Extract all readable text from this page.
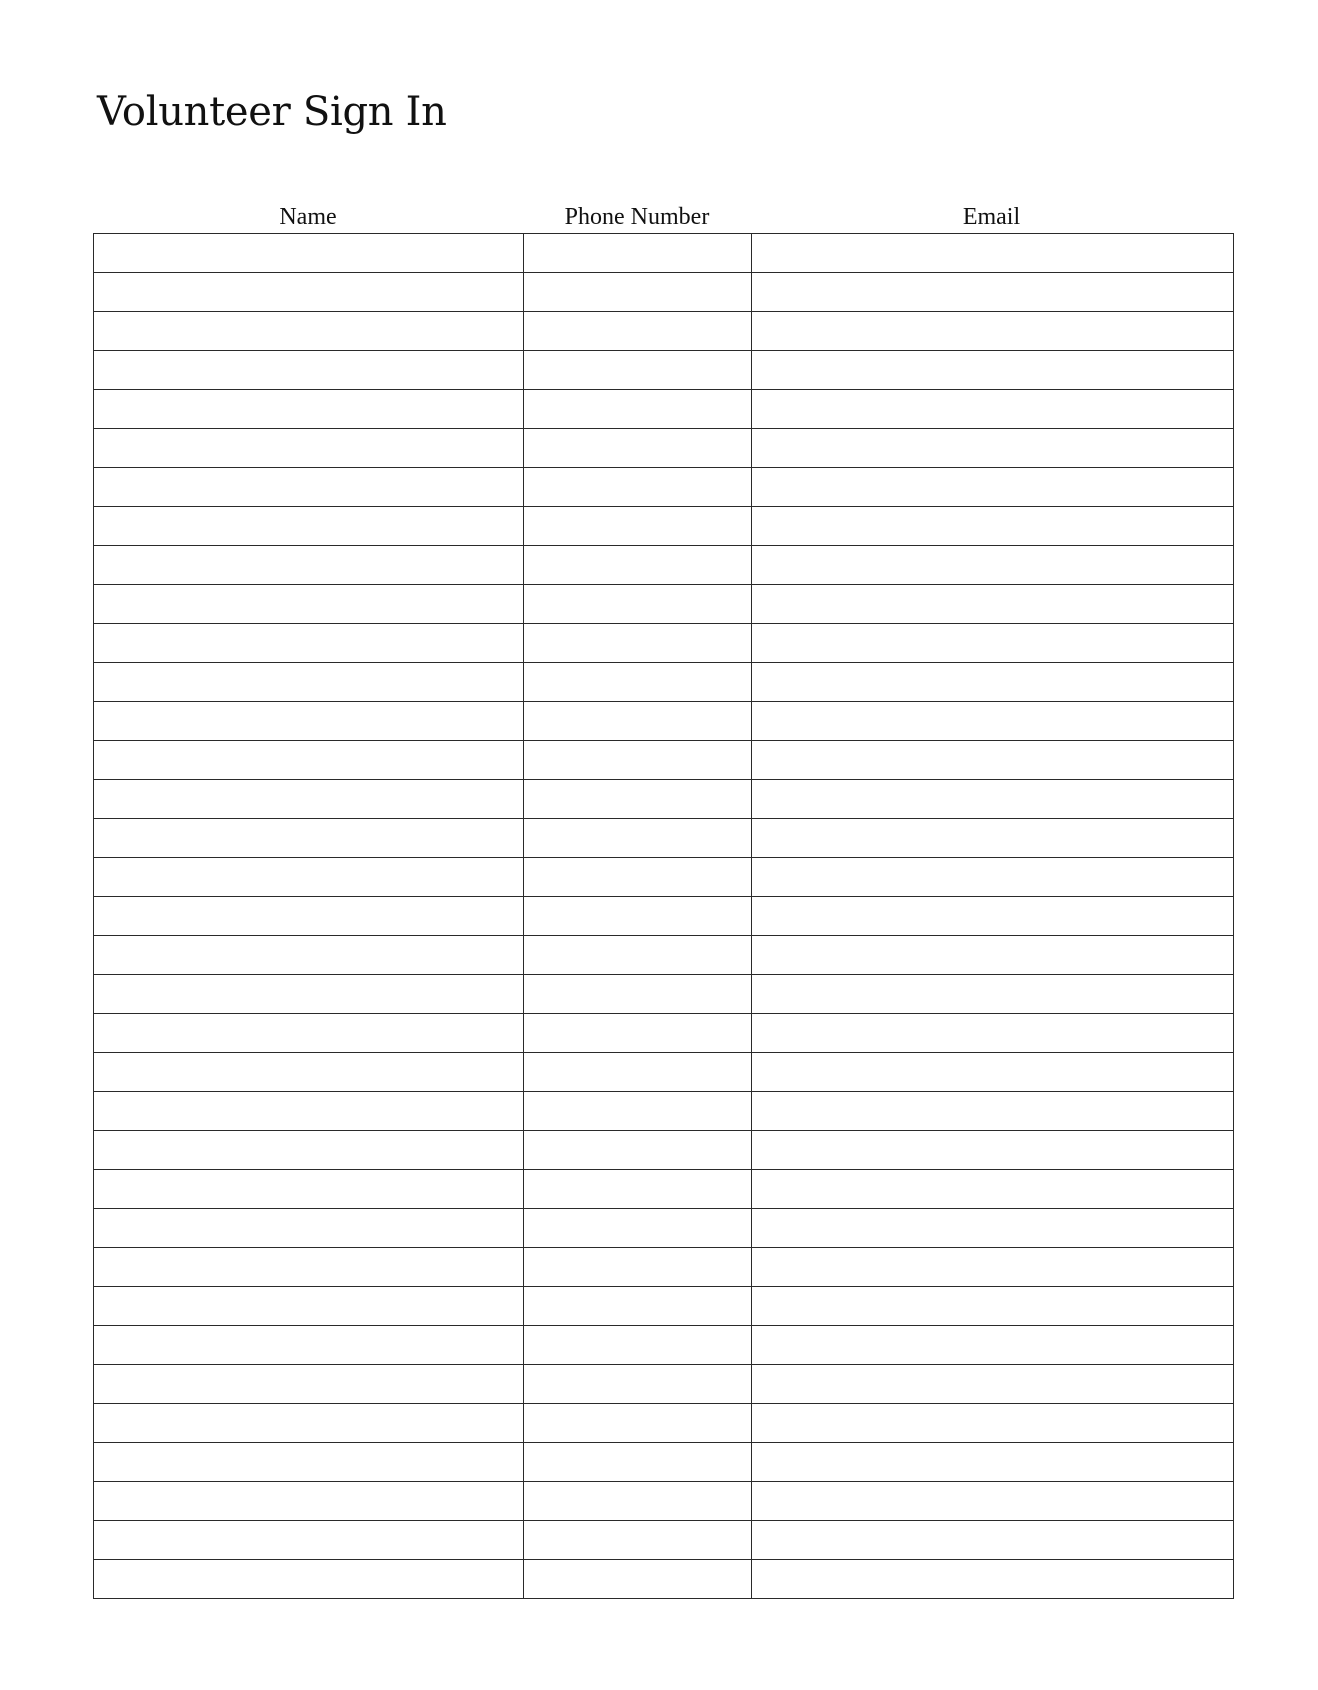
Volunteer Sign In
Name	Phone Number	Email
